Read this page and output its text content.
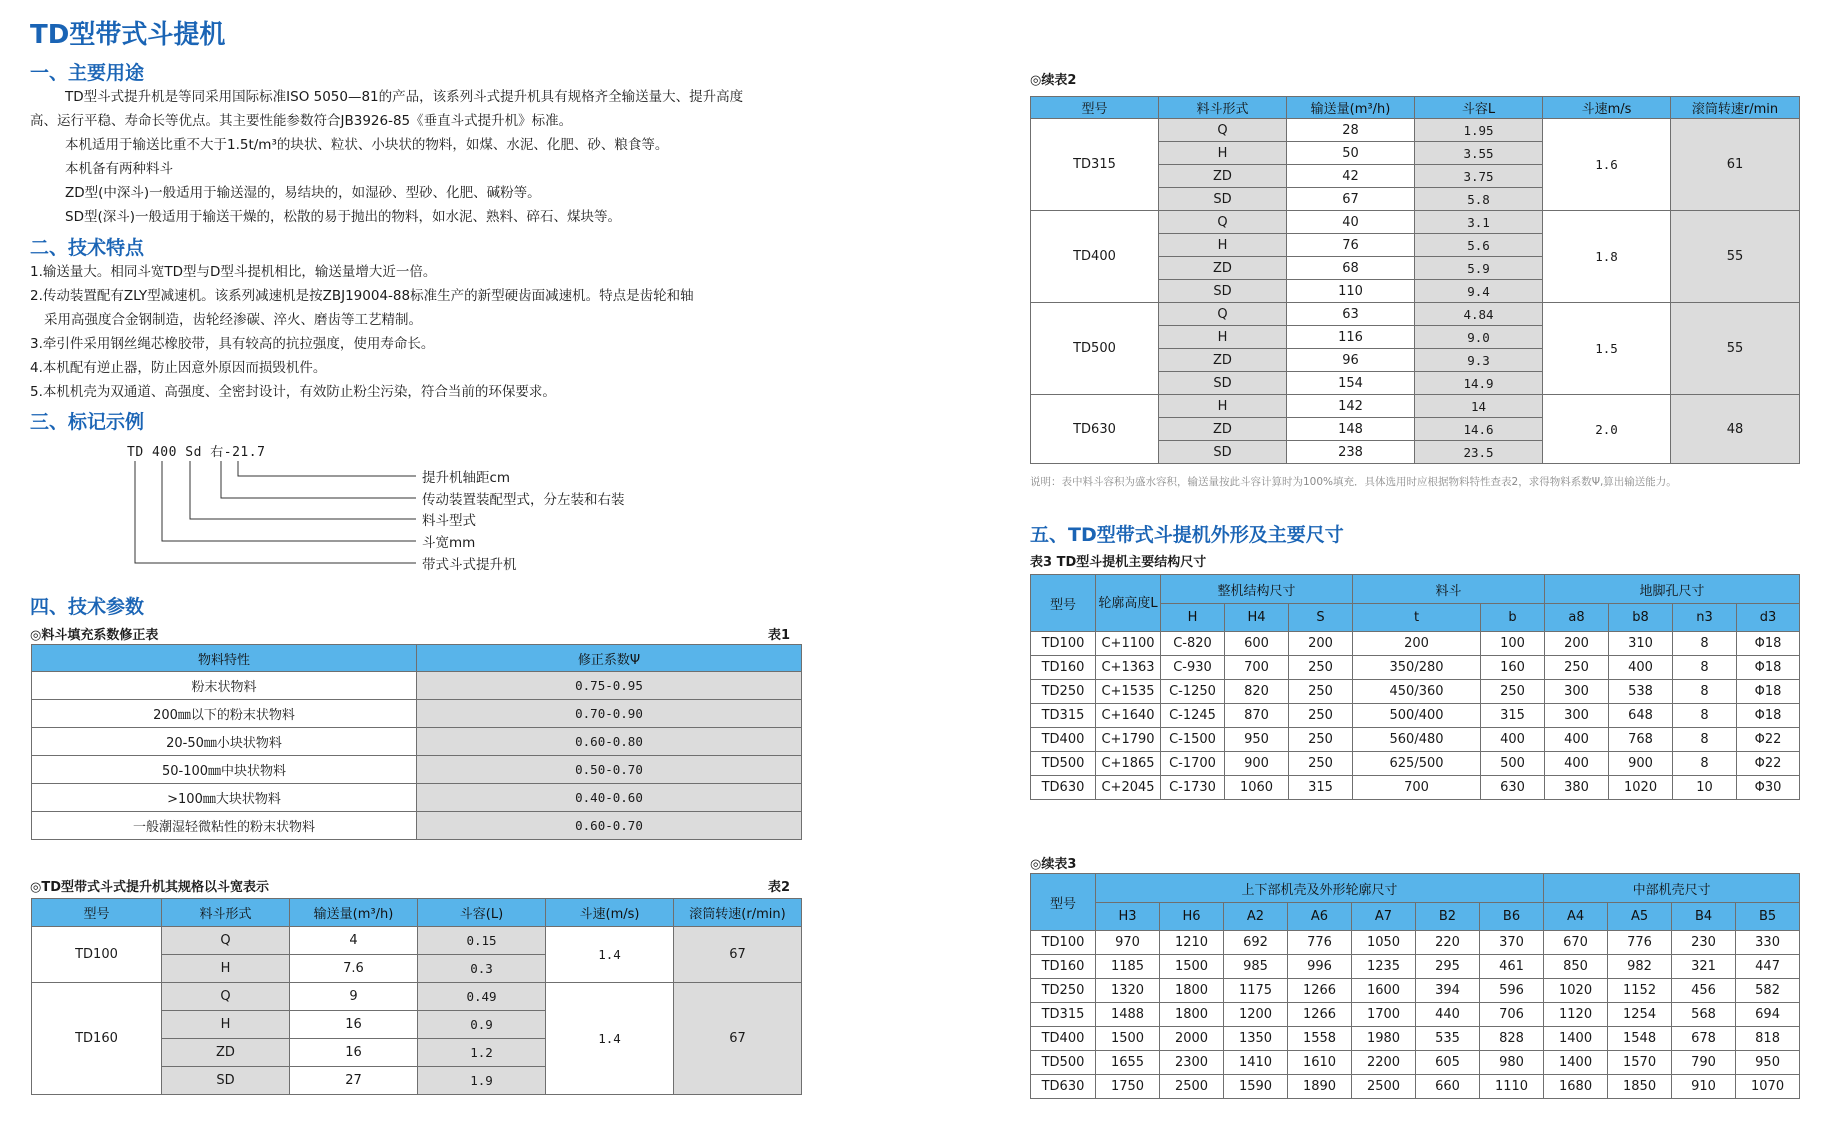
TD型带式斗提机
一、主要用途
TD型斗式提升机是等同采用国际标准ISO 5050—81的产品，该系列斗式提升机具有规格齐全输送量大、提升高度
高、运行平稳、寿命长等优点。其主要性能参数符合JB3926-85《垂直斗式提升机》标准。
本机适用于输送比重不大于1.5t/m³的块状、粒状、小块状的物料，如煤、水泥、化肥、砂、粮食等。
本机备有两种料斗
ZD型(中深斗)一般适用于输送湿的，易结块的，如湿砂、型砂、化肥、碱粉等。
SD型(深斗)一般适用于输送干燥的，松散的易于抛出的物料，如水泥、熟料、碎石、煤块等。
二、技术特点
1.输送量大。相同斗宽TD型与D型斗提机相比，输送量增大近一倍。
2.传动装置配有ZLY型减速机。该系列减速机是按ZBJ19004-88标准生产的新型硬齿面减速机。特点是齿轮和轴
采用高强度合金钢制造，齿轮经渗碳、淬火、磨齿等工艺精制。
3.牵引件采用钢丝绳芯橡胶带，具有较高的抗拉强度，使用寿命长。
4.本机配有逆止器，防止因意外原因而损毁机件。
5.本机机壳为双通道、高强度、全密封设计，有效防止粉尘污染，符合当前的环保要求。
三、标记示例
TD 400 Sd 右-21.7
提升机轴距cm
传动装置装配型式，分左装和右装
料斗型式
斗宽mm
带式斗式提升机
四、技术参数
◎料斗填充系数修正表	表1
物料特性	修正系数Ψ
粉末状物料	0.75-0.95
200㎜以下的粉末状物料	0.70-0.90
20-50㎜小块状物料	0.60-0.80
50-100㎜中块状物料	0.50-0.70
>100㎜大块状物料	0.40-0.60
一般潮湿轻微粘性的粉末状物料	0.60-0.70
◎TD型带式斗式提升机其规格以斗宽表示	表2
型号	料斗形式	输送量(m³/h)	斗容(L)	斗速(m/s)	滚筒转速(r/min)
TD100	Q	4	0.15	1.4	67
	H	7.6	0.3		
TD160	Q	9	0.49	1.4	67
	H	16	0.9		
	ZD	16	1.2		
	SD	27	1.9		
◎续表2
型号	料斗形式	输送量(m³/h)	斗容L	斗速m/s	滚筒转速r/min
TD315	Q	28	1.95	1.6	61
	H	50	3.55		
	ZD	42	3.75		
	SD	67	5.8		
TD400	Q	40	3.1	1.8	55
	H	76	5.6		
	ZD	68	5.9		
	SD	110	9.4		
TD500	Q	63	4.84	1.5	55
	H	116	9.0		
	ZD	96	9.3		
	SD	154	14.9		
TD630	H	142	14	2.0	48
	ZD	148	14.6		
	SD	238	23.5		
说明：表中料斗容积为盛水容积，输送量按此斗容计算时为100%填充．具体选用时应根据物料特性查表2，求得物料系数Ψ,算出输送能力。
五、TD型带式斗提机外形及主要尺寸
表3 TD型斗提机主要结构尺寸
型号	轮廓高度L	整机结构尺寸			料斗		地脚孔尺寸			
		H	H4	S	t	b	a8	b8	n3	d3
TD100	C+1100	C-820	600	200	200	100	200	310	8	Φ18
TD160	C+1363	C-930	700	250	350/280	160	250	400	8	Φ18
TD250	C+1535	C-1250	820	250	450/360	250	300	538	8	Φ18
TD315	C+1640	C-1245	870	250	500/400	315	300	648	8	Φ18
TD400	C+1790	C-1500	950	250	560/480	400	400	768	8	Φ22
TD500	C+1865	C-1700	900	250	625/500	500	400	900	8	Φ22
TD630	C+2045	C-1730	1060	315	700	630	380	1020	10	Φ30
◎续表3
型号	上下部机壳及外形轮廓尺寸							中部机壳尺寸			
	H3	H6	A2	A6	A7	B2	B6	A4	A5	B4	B5
TD100	970	1210	692	776	1050	220	370	670	776	230	330
TD160	1185	1500	985	996	1235	295	461	850	982	321	447
TD250	1320	1800	1175	1266	1600	394	596	1020	1152	456	582
TD315	1488	1800	1200	1266	1700	440	706	1120	1254	568	694
TD400	1500	2000	1350	1558	1980	535	828	1400	1548	678	818
TD500	1655	2300	1410	1610	2200	605	980	1400	1570	790	950
TD630	1750	2500	1590	1890	2500	660	1110	1680	1850	910	1070
